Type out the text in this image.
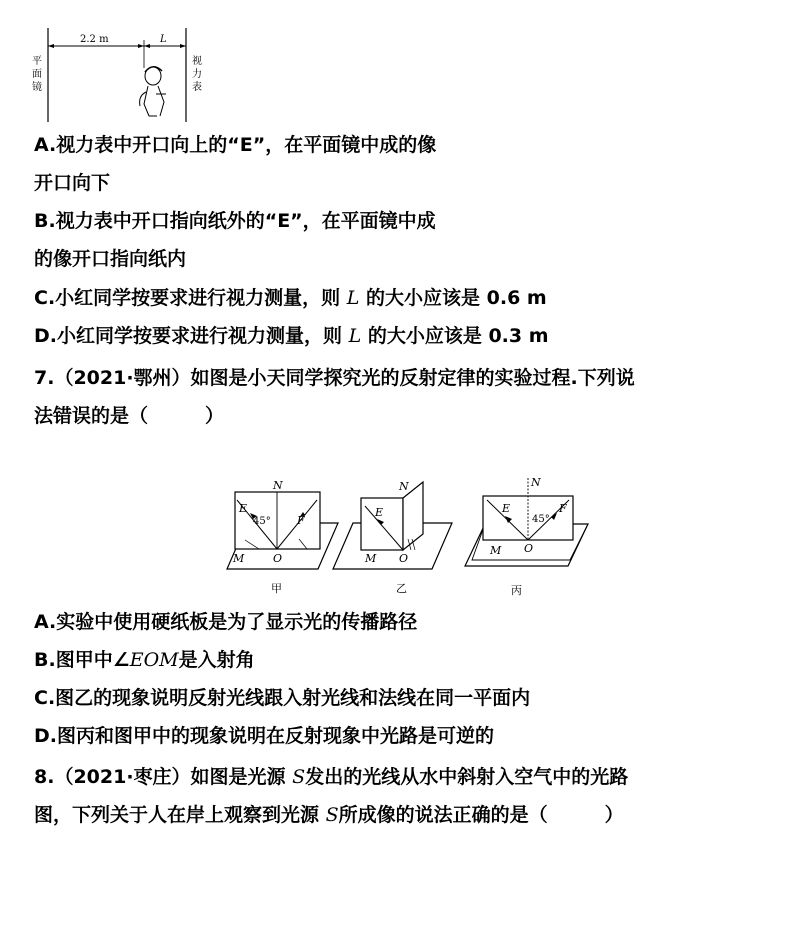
2.2 m	L
平
面
镜
视
力
表
A.视力表中开口向上的“E”，在平面镜中成的像
开口向下
B.视力表中开口指向纸外的“E”，在平面镜中成
的像开口指向纸内
C.小红同学按要求进行视力测量，则 L 的大小应该是 0.6 m
D.小红同学按要求进行视力测量，则 L 的大小应该是 0.3 m
7.（2021·鄂州）如图是小天同学探究光的反射定律的实验过程.下列说
法错误的是（　　　）
N
E
F
45°
M	O
甲
N
E
M O
乙
N
E	F
45°
M O
丙
A.实验中使用硬纸板是为了显示光的传播路径
B.图甲中∠EOM是入射角
C.图乙的现象说明反射光线跟入射光线和法线在同一平面内
D.图丙和图甲中的现象说明在反射现象中光路是可逆的
8.（2021·枣庄）如图是光源 S发出的光线从水中斜射入空气中的光路
图，下列关于人在岸上观察到光源 S所成像的说法正确的是（　　　）
